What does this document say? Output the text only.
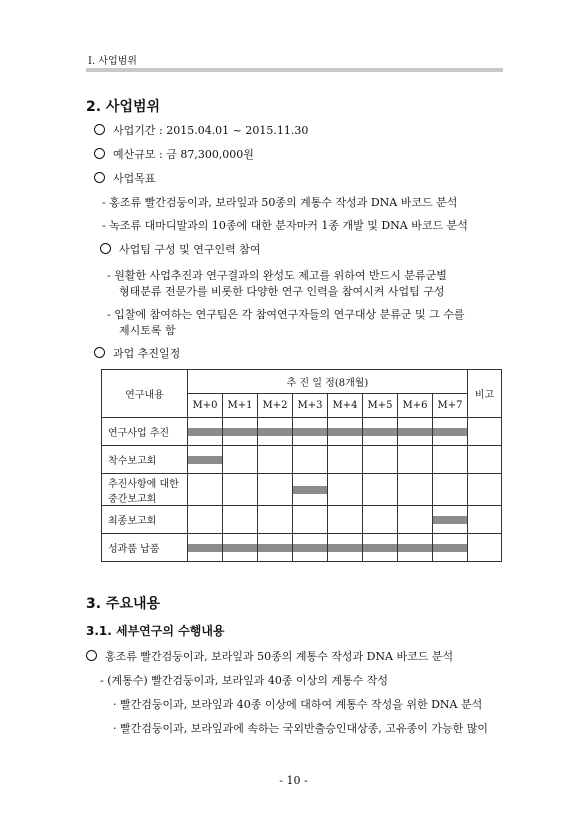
I. 사업범위
2. 사업범위
사업기간 : 2015.04.01 ~ 2015.11.30
예산규모 : 금 87,300,000원
사업목표
- 홍조류 빨간검둥이과, 보라잎과 50종의 계통수 작성과 DNA 바코드 분석
- 녹조류 대마디말과의 10종에 대한 분자마커 1종 개발 및 DNA 바코드 분석
사업팀 구성 및 연구인력 참여
- 원활한 사업추진과 연구결과의 완성도 제고를 위하여 반드시 분류군별
형태분류 전문가를 비롯한 다양한 연구 인력을 참여시켜 사업팀 구성
- 입찰에 참여하는 연구팀은 각 참여연구자들의 연구대상 분류군 및 그 수를
제시토록 함
과업 추진일정
연구내용	추 진 일 정(8개월)								비고
	M+0	M+1	M+2	M+3	M+4	M+5	M+6	M+7	
연구사업 추진	

착수보고회	

추진사항에 대한
중간보고회				

최종보고회								

성과품 납품	

3. 주요내용
3.1. 세부연구의 수행내용
홍조류 빨간검둥이과, 보라잎과 50종의 계통수 작성과 DNA 바코드 분석
- (계통수) 빨간검둥이과, 보라잎과 40종 이상의 계통수 작성
· 빨간검둥이과, 보라잎과 40종 이상에 대하여 계통수 작성을 위한 DNA 분석
· 빨간검둥이과, 보라잎과에 속하는 국외반출승인대상종, 고유종이 가능한 많이
- 10 -
